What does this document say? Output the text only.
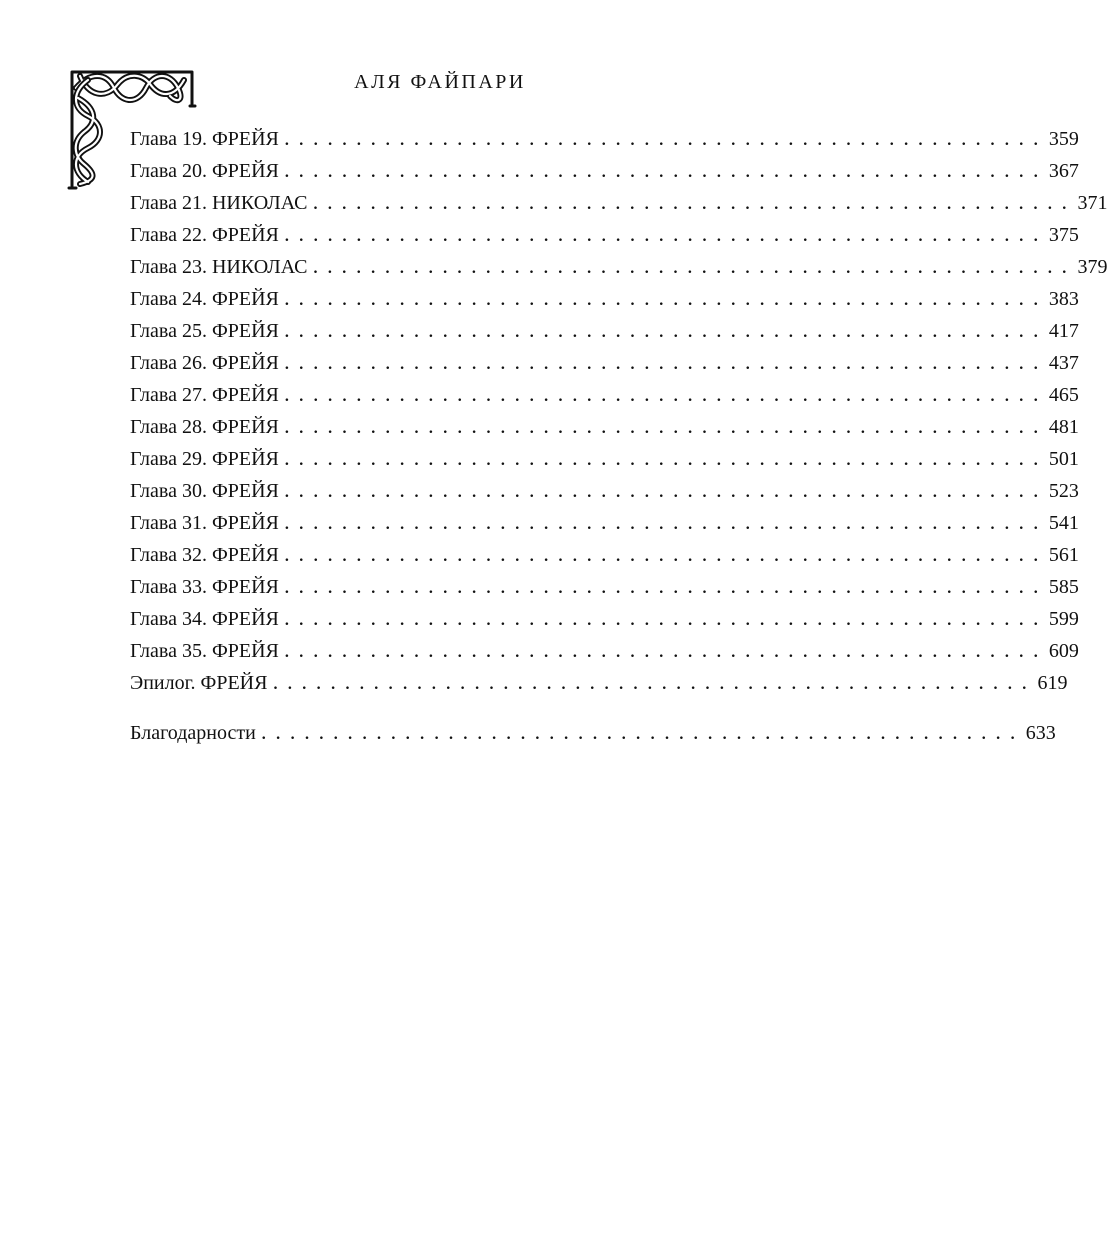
АЛЯ ФАЙПАРИ
Глава 19. ФРЕЙЯ . . . . . . . . . . . . . . . . . . . . . . . . . . . . . . . . . . . . . . . . . . . . . . . . . . . . . 359
Глава 20. ФРЕЙЯ . . . . . . . . . . . . . . . . . . . . . . . . . . . . . . . . . . . . . . . . . . . . . . . . . . . . . 367
Глава 21. НИКОЛАС . . . . . . . . . . . . . . . . . . . . . . . . . . . . . . . . . . . . . . . . . . . . . . . . . . . . . 371
Глава 22. ФРЕЙЯ . . . . . . . . . . . . . . . . . . . . . . . . . . . . . . . . . . . . . . . . . . . . . . . . . . . . . 375
Глава 23. НИКОЛАС . . . . . . . . . . . . . . . . . . . . . . . . . . . . . . . . . . . . . . . . . . . . . . . . . . . . . 379
Глава 24. ФРЕЙЯ . . . . . . . . . . . . . . . . . . . . . . . . . . . . . . . . . . . . . . . . . . . . . . . . . . . . . 383
Глава 25. ФРЕЙЯ . . . . . . . . . . . . . . . . . . . . . . . . . . . . . . . . . . . . . . . . . . . . . . . . . . . . . 417
Глава 26. ФРЕЙЯ . . . . . . . . . . . . . . . . . . . . . . . . . . . . . . . . . . . . . . . . . . . . . . . . . . . . . 437
Глава 27. ФРЕЙЯ . . . . . . . . . . . . . . . . . . . . . . . . . . . . . . . . . . . . . . . . . . . . . . . . . . . . . 465
Глава 28. ФРЕЙЯ . . . . . . . . . . . . . . . . . . . . . . . . . . . . . . . . . . . . . . . . . . . . . . . . . . . . . 481
Глава 29. ФРЕЙЯ . . . . . . . . . . . . . . . . . . . . . . . . . . . . . . . . . . . . . . . . . . . . . . . . . . . . . 501
Глава 30. ФРЕЙЯ . . . . . . . . . . . . . . . . . . . . . . . . . . . . . . . . . . . . . . . . . . . . . . . . . . . . . 523
Глава 31. ФРЕЙЯ . . . . . . . . . . . . . . . . . . . . . . . . . . . . . . . . . . . . . . . . . . . . . . . . . . . . . 541
Глава 32. ФРЕЙЯ . . . . . . . . . . . . . . . . . . . . . . . . . . . . . . . . . . . . . . . . . . . . . . . . . . . . . 561
Глава 33. ФРЕЙЯ . . . . . . . . . . . . . . . . . . . . . . . . . . . . . . . . . . . . . . . . . . . . . . . . . . . . . 585
Глава 34. ФРЕЙЯ . . . . . . . . . . . . . . . . . . . . . . . . . . . . . . . . . . . . . . . . . . . . . . . . . . . . . 599
Глава 35. ФРЕЙЯ . . . . . . . . . . . . . . . . . . . . . . . . . . . . . . . . . . . . . . . . . . . . . . . . . . . . . 609
Эпилог. ФРЕЙЯ . . . . . . . . . . . . . . . . . . . . . . . . . . . . . . . . . . . . . . . . . . . . . . . . . . . . . 619
Благодарности . . . . . . . . . . . . . . . . . . . . . . . . . . . . . . . . . . . . . . . . . . . . . . . . . . . . . 633
